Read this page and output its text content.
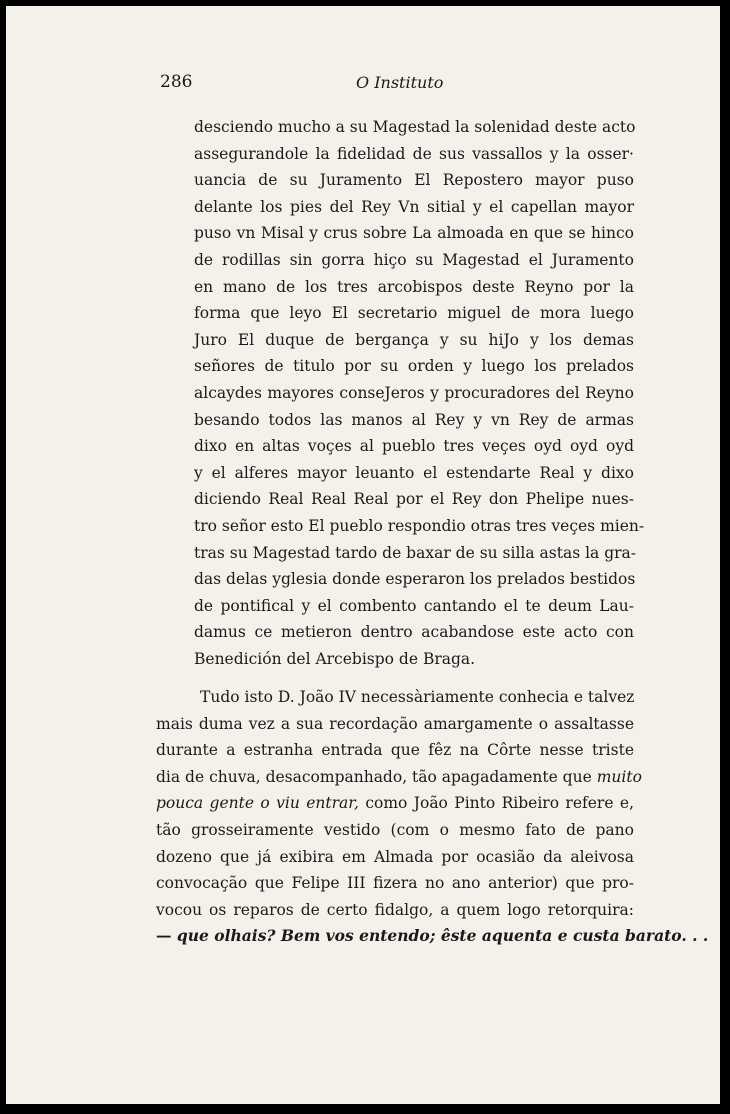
286	O Instituto
desciendo mucho a su Magestad la solenidad deste acto
assegurandole la fidelidad de sus vassallos y la osser·
uancia de su Juramento El Repostero mayor puso
delante los pies del Rey Vn sitial y el capellan mayor
puso vn Misal y crus sobre La almoada en que se hinco
de rodillas sin gorra hiço su Magestad el Juramento
en mano de los tres arcobispos deste Reyno por la
forma que leyo El secretario miguel de mora luego
Juro El duque de bergança y su hiJo y los demas
señores de titulo por su orden y luego los prelados
alcaydes mayores conseJeros y procuradores del Reyno
besando todos las manos al Rey y vn Rey de armas
dixo en altas voçes al pueblo tres veçes oyd oyd oyd
y el alferes mayor leuanto el estendarte Real y dixo
diciendo Real Real Real por el Rey don Phelipe nues-
tro señor esto El pueblo respondio otras tres veçes mien-
tras su Magestad tardo de baxar de su silla astas la gra-
das delas yglesia donde esperaron los prelados bestidos
de pontifical y el combento cantando el te deum Lau-
damus ce metieron dentro acabandose este acto con
Benedición del Arcebispo de Braga.
Tudo isto D. João IV necessàriamente conhecia e talvez
mais duma vez a sua recordação amargamente o assaltasse
durante a estranha entrada que fêz na Côrte nesse triste
dia de chuva, desacompanhado, tão apagadamente que muito
pouca gente o viu entrar, como João Pinto Ribeiro refere e,
tão grosseiramente vestido (com o mesmo fato de pano
dozeno que já exibira em Almada por ocasião da aleivosa
convocação que Felipe III fizera no ano anterior) que pro-
vocou os reparos de certo fidalgo, a quem logo retorquira:
— que olhais? Bem vos entendo; êste aquenta e custa barato. . .
